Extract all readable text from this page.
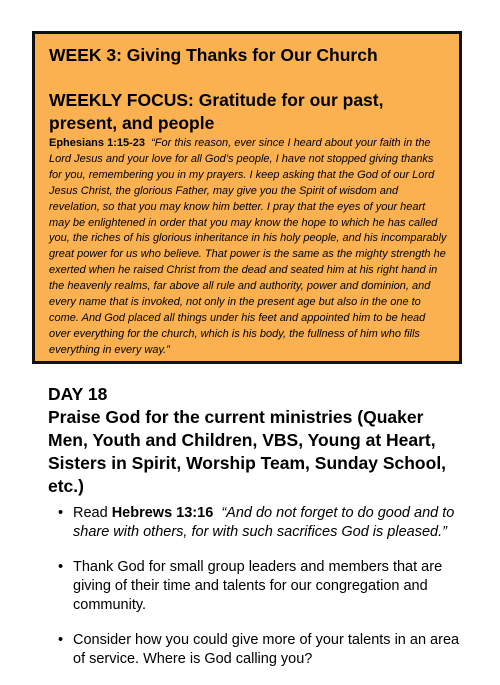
WEEK 3: Giving Thanks for Our Church

WEEKLY FOCUS: Gratitude for our past, present, and people

Ephesians 1:15-23 “For this reason, ever since I heard about your faith in the Lord Jesus and your love for all God’s people, I have not stopped giving thanks for you, remembering you in my prayers. I keep asking that the God of our Lord Jesus Christ, the glorious Father, may give you the Spirit of wisdom and revelation, so that you may know him better. I pray that the eyes of your heart may be enlightened in order that you may know the hope to which he has called you, the riches of his glorious inheritance in his holy people, and his incomparably great power for us who believe. That power is the same as the mighty strength he exerted when he raised Christ from the dead and seated him at his right hand in the heavenly realms, far above all rule and authority, power and dominion, and every name that is invoked, not only in the present age but also in the one to come. And God placed all things under his feet and appointed him to be head over everything for the church, which is his body, the fullness of him who fills everything in every way.”

DAY 18

Praise God for the current ministries (Quaker Men, Youth and Children, VBS, Young at Heart, Sisters in Spirit, Worship Team, Sunday School, etc.)

• Read Hebrews 13:16 “And do not forget to do good and to share with others, for with such sacrifices God is pleased.”
• Thank God for small group leaders and members that are giving of their time and talents for our congregation and community.
• Consider how you could give more of your talents in an area of service. Where is God calling you?
